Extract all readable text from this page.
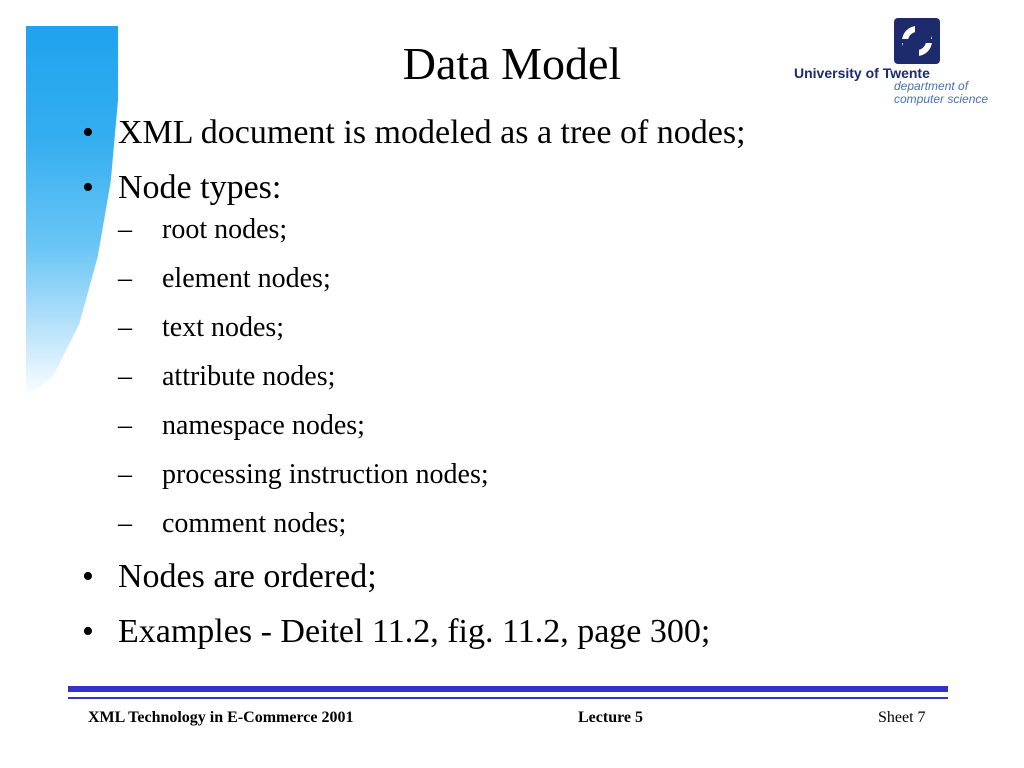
Data Model	University of Twente
department of
computer science
• XML document is modeled as a tree of nodes;
• Node types:
– root nodes;
– element nodes;
– text nodes;
– attribute nodes;
– namespace nodes;
– processing instruction nodes;
– comment nodes;
• Nodes are ordered;
• Examples - Deitel 11.2, fig. 11.2, page 300;
XML Technology in E-Commerce 2001	Lecture 5	Sheet 7
